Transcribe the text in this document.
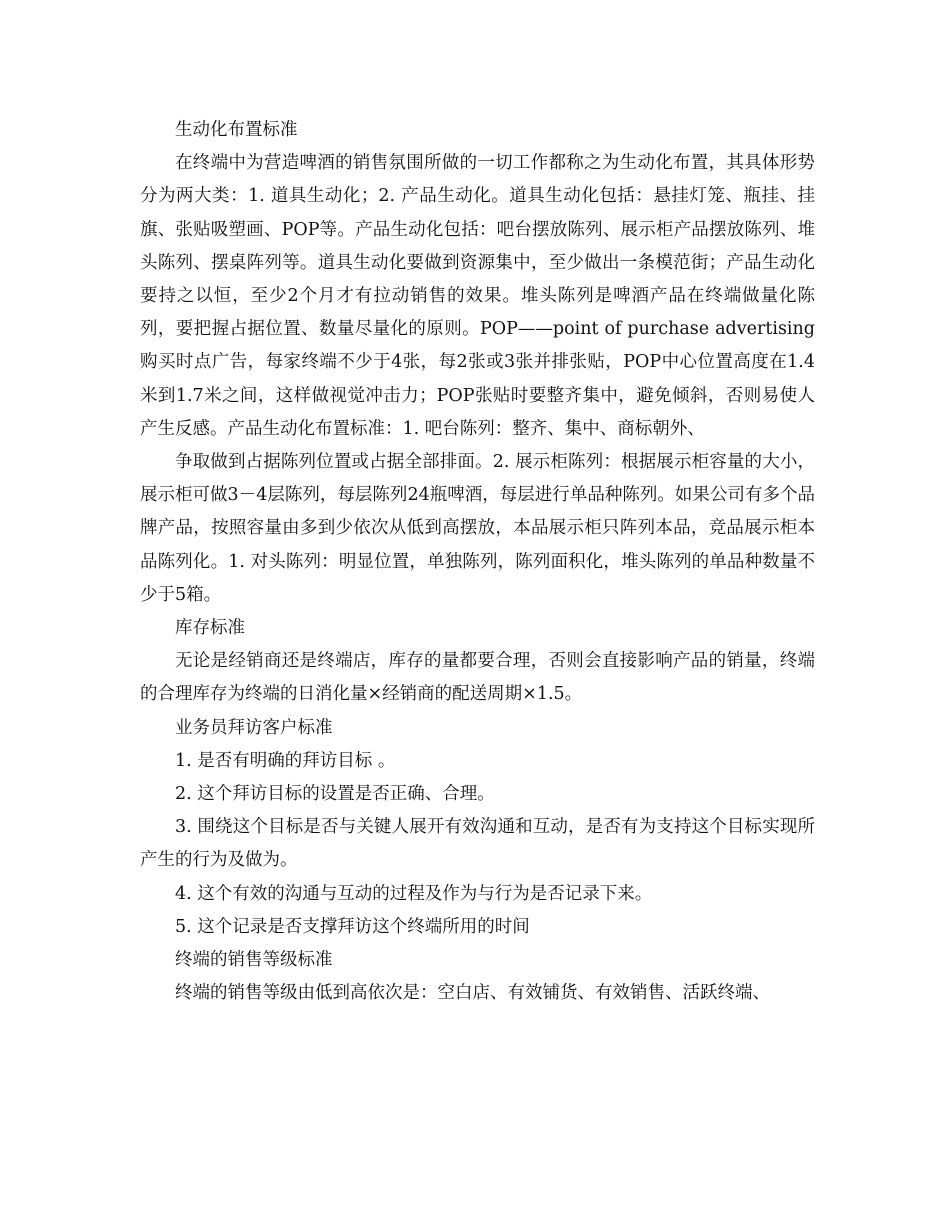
生动化布置标准

在终端中为营造啤酒的销售氛围所做的一切工作都称之为生动化布置，其具体形势分为两大类：1. 道具生动化；2. 产品生动化。道具生动化包括：悬挂灯笼、瓶挂、挂旗、张贴吸塑画、POP等。产品生动化包括：吧台摆放陈列、展示柜产品摆放陈列、堆头陈列、摆桌阵列等。道具生动化要做到资源集中，至少做出一条模范街；产品生动化要持之以恒，至少2个月才有拉动销售的效果。堆头陈列是啤酒产品在终端做量化陈列，要把握占据位置、数量尽量化的原则。POP——point of purchase advertising 购买时点广告，每家终端不少于4张，每2张或3张并排张贴，POP中心位置高度在1.4米到1.7米之间，这样做视觉冲击力；POP张贴时要整齐集中，避免倾斜，否则易使人产生反感。产品生动化布置标准：1. 吧台陈列：整齐、集中、商标朝外、

争取做到占据陈列位置或占据全部排面。2. 展示柜陈列：根据展示柜容量的大小，展示柜可做3－4层陈列，每层陈列24瓶啤酒，每层进行单品种陈列。如果公司有多个品牌产品，按照容量由多到少依次从低到高摆放，本品展示柜只阵列本品，竞品展示柜本品陈列化。1. 对头陈列：明显位置，单独陈列，陈列面积化，堆头陈列的单品种数量不少于5箱。

库存标准

无论是经销商还是终端店，库存的量都要合理，否则会直接影响产品的销量，终端的合理库存为终端的日消化量×经销商的配送周期×1.5。

业务员拜访客户标准

1. 是否有明确的拜访目标 。

2. 这个拜访目标的设置是否正确、合理。

3. 围绕这个目标是否与关键人展开有效沟通和互动，是否有为支持这个目标实现所产生的行为及做为。

4. 这个有效的沟通与互动的过程及作为与行为是否记录下来。

5. 这个记录是否支撑拜访这个终端所用的时间

终端的销售等级标准

终端的销售等级由低到高依次是：空白店、有效铺货、有效销售、活跃终端、
